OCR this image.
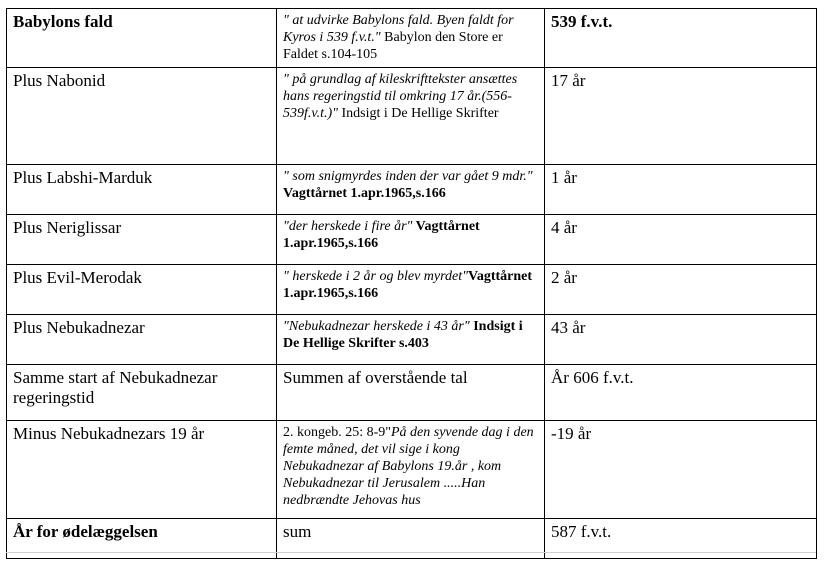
Babylons fald	" at udvirke Babylons fald. Byen faldt for Kyros i 539 f.v.t." Babylon den Store er Faldet s.104-105	539 f.v.t.
Plus Nabonid	" på grundlag af kileskrifttekster ansættes hans regeringstid til omkring 17 år.(556-539f.v.t.)" Indsigt i De Hellige Skrifter	17 år
Plus Labshi-Marduk	" som snigmyrdes inden der var gået 9 mdr." Vagttårnet 1.apr.1965,s.166	1 år
Plus Neriglissar	"der herskede i fire år" Vagttårnet 1.apr.1965,s.166	4 år
Plus Evil-Merodak	" herskede i 2 år og blev myrdet"Vagttårnet 1.apr.1965,s.166	2 år
Plus Nebukadnezar	"Nebukadnezar herskede i 43 år" Indsigt i De Hellige Skrifter s.403	43 år
Samme start af Nebukadnezar regeringstid	Summen af overstående tal	År 606 f.v.t.
Minus Nebukadnezars 19 år	2. kongeb. 25: 8-9"På den syvende dag i den femte måned, det vil sige i kong Nebukadnezar af Babylons 19.år , kom Nebukadnezar til Jerusalem .....Han nedbrændte Jehovas hus	-19 år
År for ødelæggelsen	sum	587 f.v.t.
